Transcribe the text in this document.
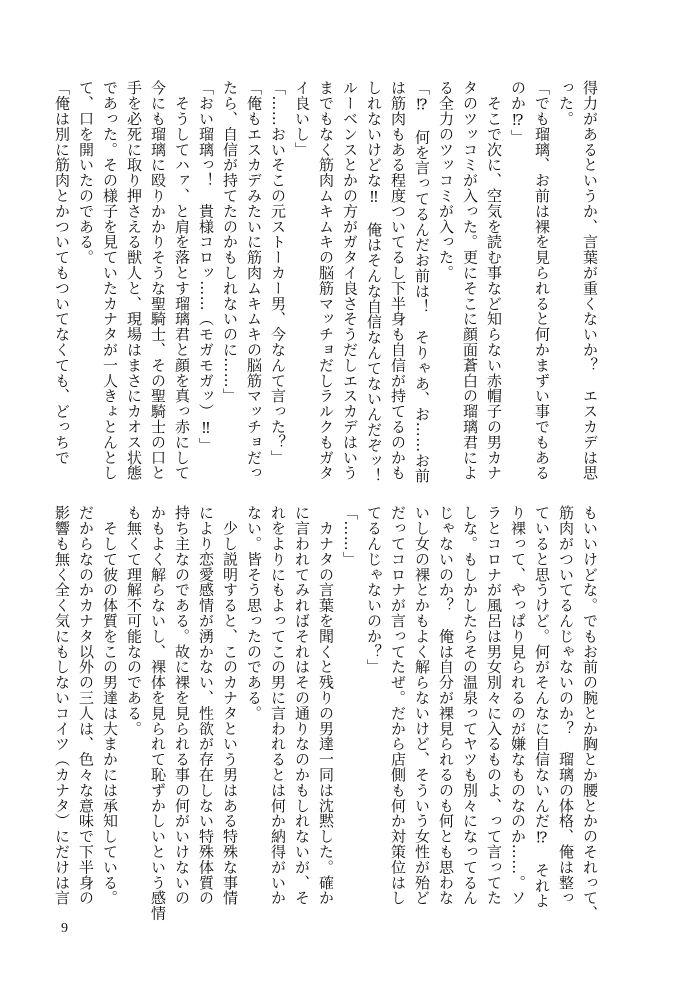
得力があるというか、言葉が重くないか？　エスカデは思
った。
「でも瑠璃、お前は裸を見られると何かまずい事でもある
のか⁉」
　そこで次に、空気を読む事など知らない赤帽子の男カナ
タのツッコミが入った。更にそこに顔面蒼白の瑠璃君によ
る全力のツッコミが入った。
「⁉　何を言ってるんだお前は！　そりゃあ、お……お前
は筋肉もある程度ついてるし下半身も自信が持てるのかも
しれないけどな‼　俺はそんな自信なんてないんだぞッ！
ルーベンスとかの方がガタイ良さそうだしエスカデはいう
までもなく筋肉ムキムキの脳筋マッチョだしラルクもガタ
イ良いし」
「……おいそこの元ストーカー男、今なんて言った？」
「俺もエスカデみたいに筋肉ムキムキの脳筋マッチョだっ
たら、自信が持てたのかもしれないのに……」
「おい瑠璃っ！　貴様コロッ……（モガモガッ）‼」
　そうしてハァ、と肩を落とす瑠璃君と顔を真っ赤にして
今にも瑠璃に殴りかかりそうな聖騎士、その聖騎士の口と
手を必死に取り押さえる獣人と、現場はまさにカオス状態
であった。その様子を見ていたカナタが一人きょとんとし
て、口を開いたのである。
「俺は別に筋肉とかついてもついてなくても、どっちで
もいいけどな。でもお前の腕とか胸とか腰とかのそれって、
筋肉がついてるんじゃないのか？　瑠璃の体格、俺は整っ
ていると思うけど。何がそんなに自信ないんだ⁉　それよ
り裸って、やっぱり見られるのが嫌なものなのか……。ソ
ラとコロナが風呂は男女別々に入るものよ、って言ってた
しな。もしかしたらその温泉ってヤツも別々になってるん
じゃないのか？　俺は自分が裸見られるのも何とも思わな
いし女の裸とかもよく解らないけど、そういう女性が殆ど
だってコロナが言ってたぜ。だから店側も何か対策位はし
てるんじゃないのか？」
「……」
　カナタの言葉を聞くと残りの男達一同は沈黙した。確か
に言われてみればそれはその通りなのかもしれないが、そ
れをよりにもよってこの男に言われるとは何か納得がいか
ない。皆そう思ったのである。
　少し説明すると、このカナタという男はある特殊な事情
により恋愛感情が湧かない、性欲が存在しない特殊体質の
持ち主なのである。故に裸を見られる事の何がいけないの
かもよく解らないし、裸体を見られて恥ずかしいという感情
も無くて理解不可能なのである。
　そして彼の体質をこの男達は大まかには承知している。
だからなのかカナタ以外の三人は、色々な意味で下半身の
影響も無く全く気にもしないコイツ（カナタ）にだけは言
9
